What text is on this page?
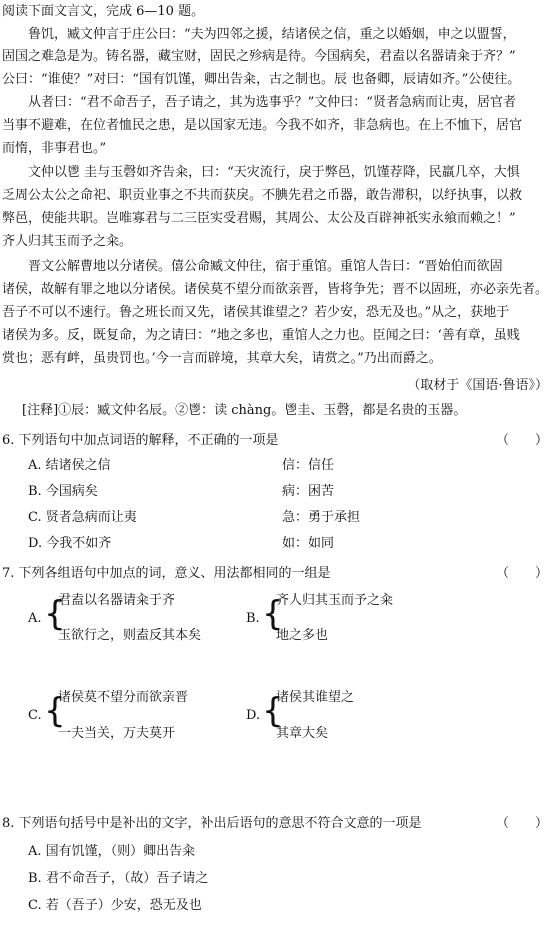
阅读下面文言文，完成 6—10 题。
鲁饥，臧文仲言于庄公曰：“夫为四邻之援，结诸侯之信，重之以婚姻，申之以盟誓，
固国之难急是为。铸名器，藏宝财，固民之殄病是待。今国病矣，君盍以名器请籴于齐？”
公曰：“谁使？”对曰：“国有饥馑，卿出告籴，古之制也。辰 也备卿，辰请如齐。”公使往。
从者曰：“君不命吾子，吾子请之，其为选事乎？”文仲曰：“贤者急病而让夷，居官者
当事不避难，在位者恤民之患，是以国家无违。今我不如齐，非急病也。在上不恤下，居官
而惰，非事君也。”
文仲以鬯 圭与玉磬如齐告籴，曰：“天灾流行，戾于弊邑，饥馑荐降，民羸几卒，大惧
乏周公太公之命祀、职贡业事之不共而获戾。不腆先君之币器，敢告滞积，以纾执事，以救
弊邑，使能共职。岂唯寡君与二三臣实受君赐，其周公、太公及百辟神祇实永飨而赖之！”
齐人归其玉而予之籴。
晋文公解曹地以分诸侯。僖公命臧文仲往，宿于重馆。重馆人告曰：“晋始伯而欲固
诸侯，故解有罪之地以分诸侯。诸侯莫不望分而欲亲晋，皆将争先；晋不以固班，亦必亲先者。
吾子不可以不速行。鲁之班长而又先，诸侯其谁望之？若少安，恐无及也。”从之，获地于
诸侯为多。反，既复命，为之请曰：“地之多也，重馆人之力也。臣闻之曰：‘善有章，虽贱
赏也；恶有衅，虽贵罚也。’今一言而辟境，其章大矣，请赏之。”乃出而爵之。
（取材于《国语·鲁语》）
[注释]①辰：臧文仲名辰。②鬯：读 chàng。鬯圭、玉磬，都是名贵的玉器。
6. 下列语句中加点词语的解释，不正确的一项是	（　　）
A. 结诸侯之信	信：信任
B. 今国病矣	病：困苦
C. 贤者急病而让夷	急：勇于承担
D. 今我不如齐	如：如同
7. 下列各组语句中加点的词，意义、用法都相同的一组是	（　　）
A. {
君盍以名器请籴于齐
玉欲行之，则盍反其本矣
B. {
齐人归其玉而予之籴
地之多也
C. {
诸侯莫不望分而欲亲晋
一夫当关，万夫莫开
D. {
诸侯其谁望之
其章大矣
8. 下列语句括号中是补出的文字，补出后语句的意思不符合文意的一项是	（　　）
A. 国有饥馑，（则）卿出告籴
B. 君不命吾子，（故）吾子请之
C. 若（吾子）少安，恐无及也
